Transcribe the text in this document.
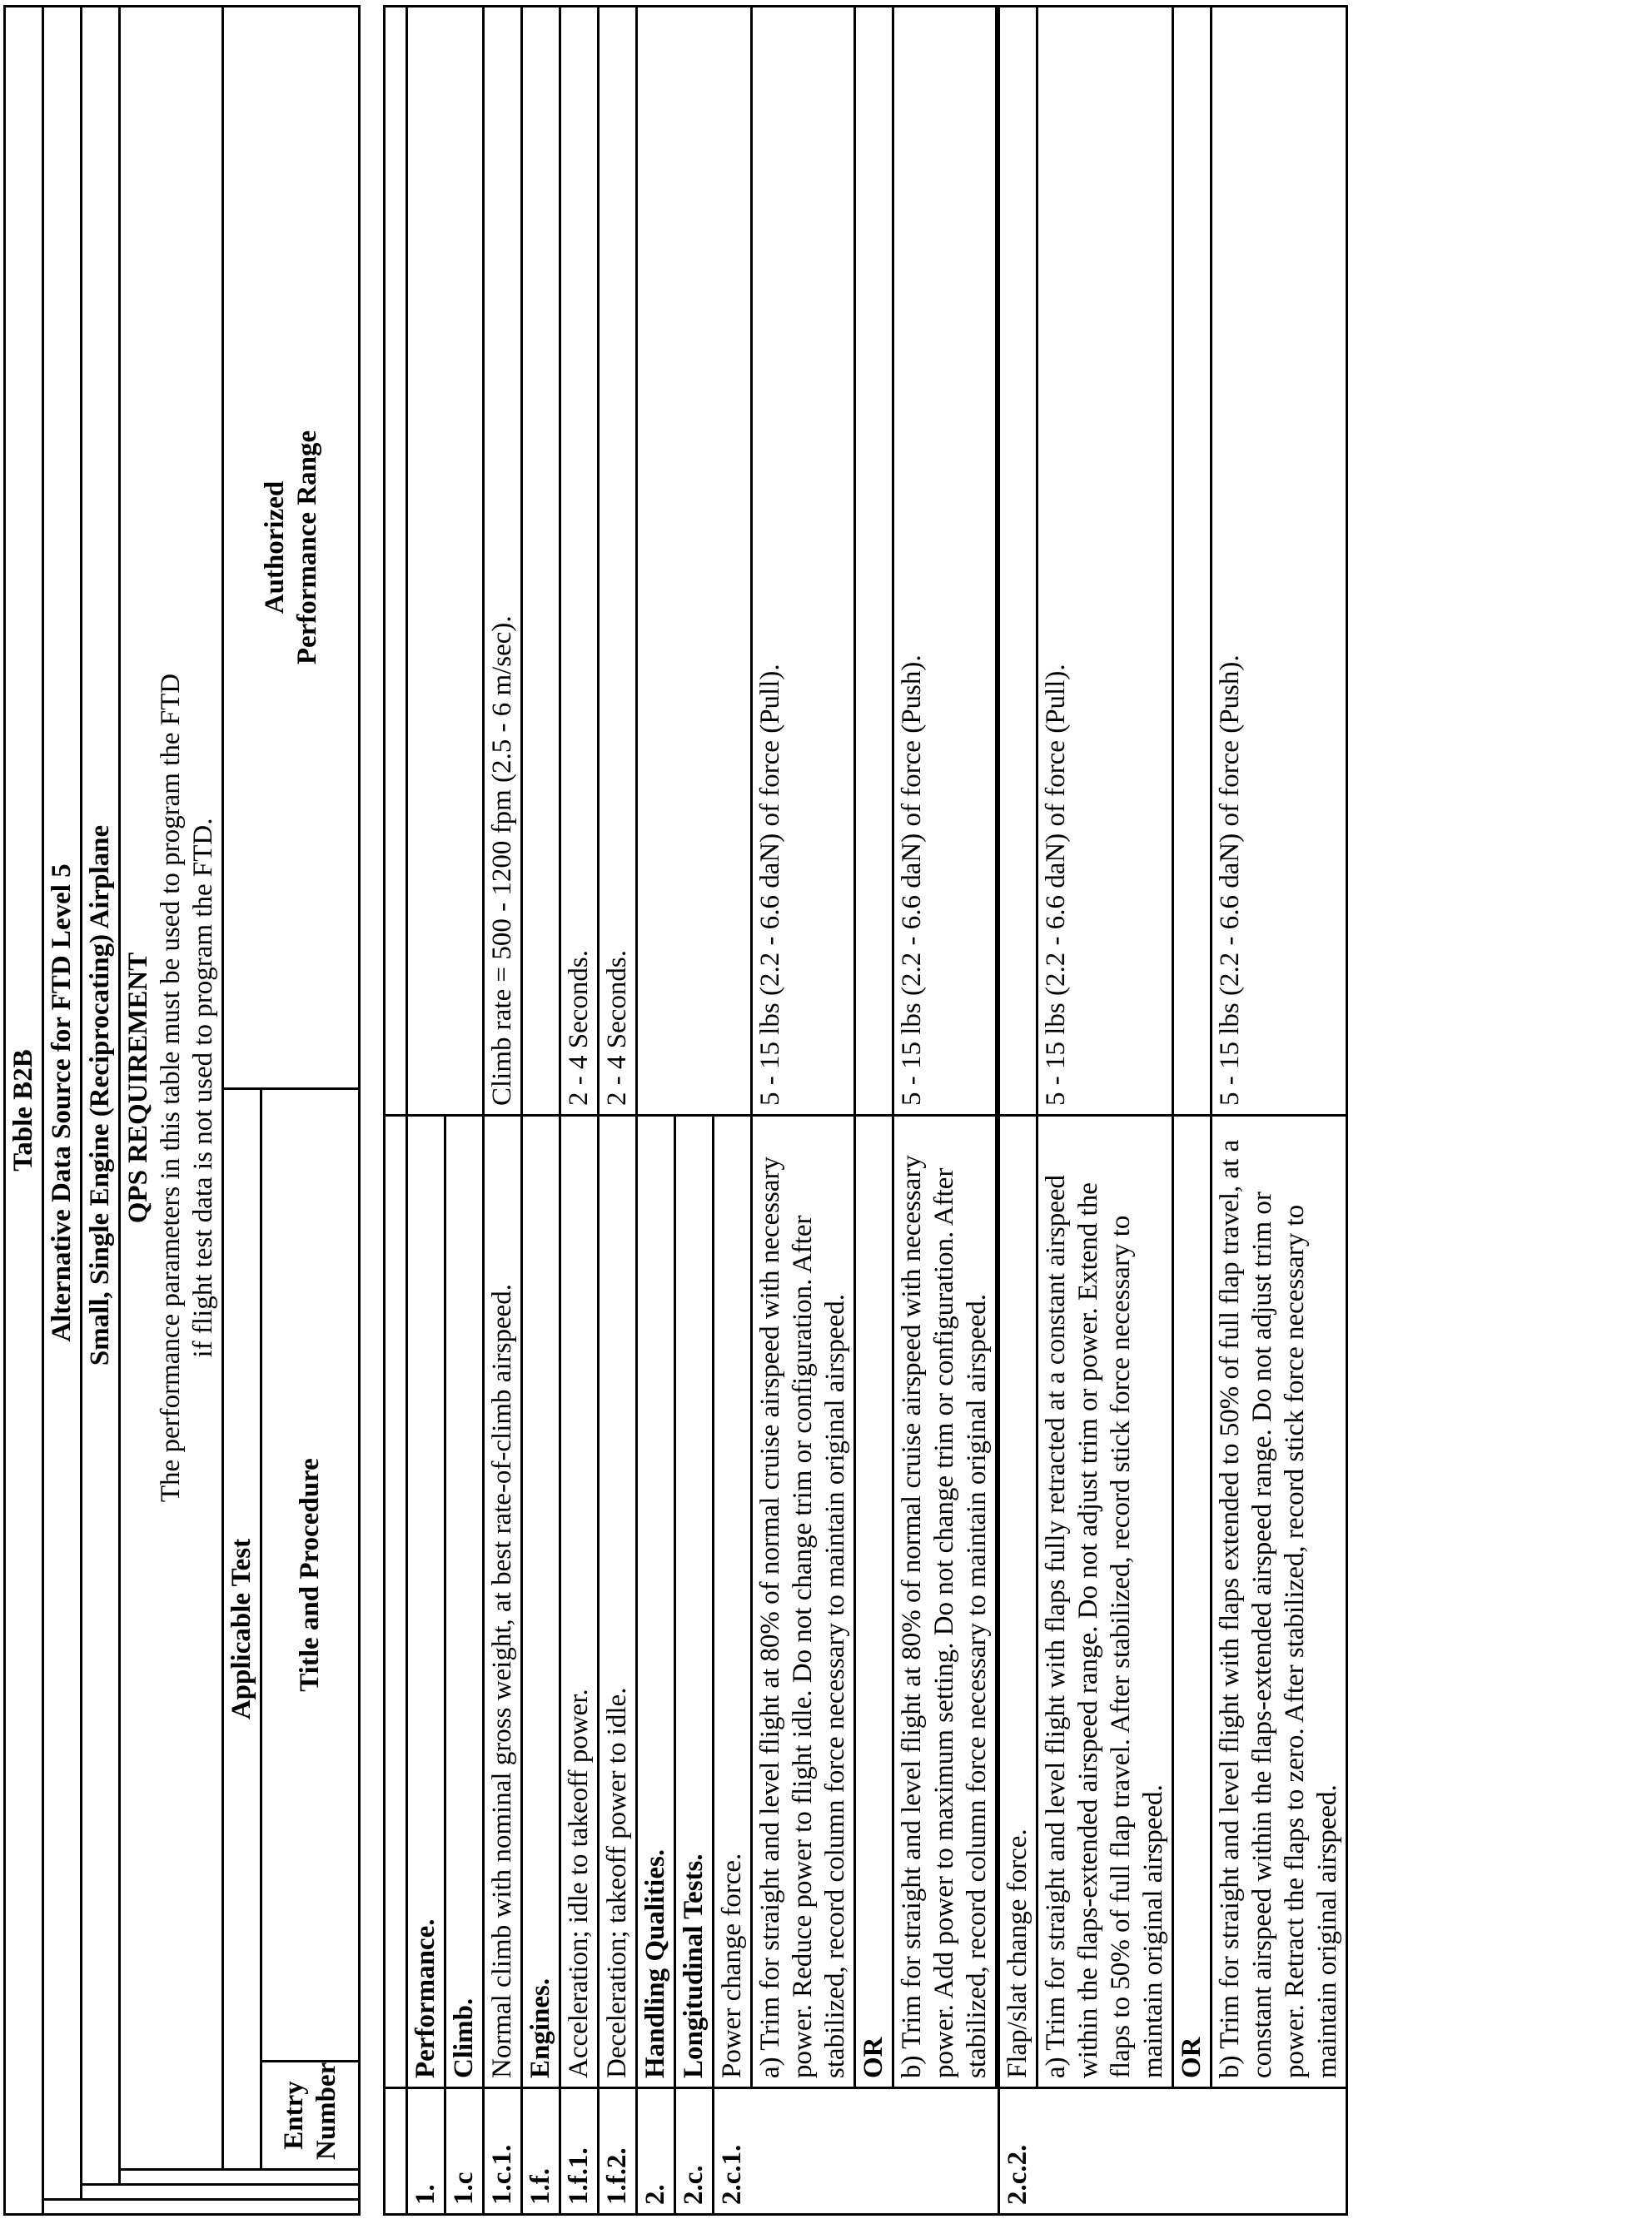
Table B2B					
	Alternative Data Source for FTD Level 5				
		Small, Single Engine (Reciprocating) Airplane			

			QPS REQUIREMENT The performance parameters in this table must be used to program the FTD if flight test data is not used to program the FTD.		

			Applicable Test		Authorized Performance Range

			Entry Number	Title and Procedure	

1.	Performance.	
1.c	Climb.	
1.c.1.	Normal climb with nominal gross weight, at best rate-of-climb airspeed.	Climb rate = 500 - 1200 fpm (2.5 - 6 m/sec).
1.f.	Engines.	
1.f.1.	Acceleration; idle to takeoff power.	2 - 4 Seconds.
1.f.2.	Deceleration; takeoff power to idle.	2 - 4 Seconds.
2.	Handling Qualities.	
2.c.	Longitudinal Tests.	
2.c.1.	Power change force.	
	a) Trim for straight and level flight at 80% of normal cruise airspeed with necessary power. Reduce power to flight idle. Do not change trim or configuration. After stabilized, record column force necessary to maintain original airspeed.	5 - 15 lbs (2.2 - 6.6 daN) of force (Pull).
	OR	
	b) Trim for straight and level flight at 80% of normal cruise airspeed with necessary power. Add power to maximum setting. Do not change trim or configuration. After stabilized, record column force necessary to maintain original airspeed.	5 - 15 lbs (2.2 - 6.6 daN) of force (Push).

2.c.2.	Flap/slat change force.	
	a) Trim for straight and level flight with flaps fully retracted at a constant airspeed within the flaps-extended airspeed range. Do not adjust trim or power. Extend the flaps to 50% of full flap travel. After stabilized, record stick force necessary to maintain original airspeed.	5 - 15 lbs (2.2 - 6.6 daN) of force (Pull).
	OR	
	b) Trim for straight and level flight with flaps extended to 50% of full flap travel, at a constant airspeed within the flaps-extended airspeed range. Do not adjust trim or power. Retract the flaps to zero. After stabilized, record stick force necessary to maintain original airspeed.	5 - 15 lbs (2.2 - 6.6 daN) of force (Push).
